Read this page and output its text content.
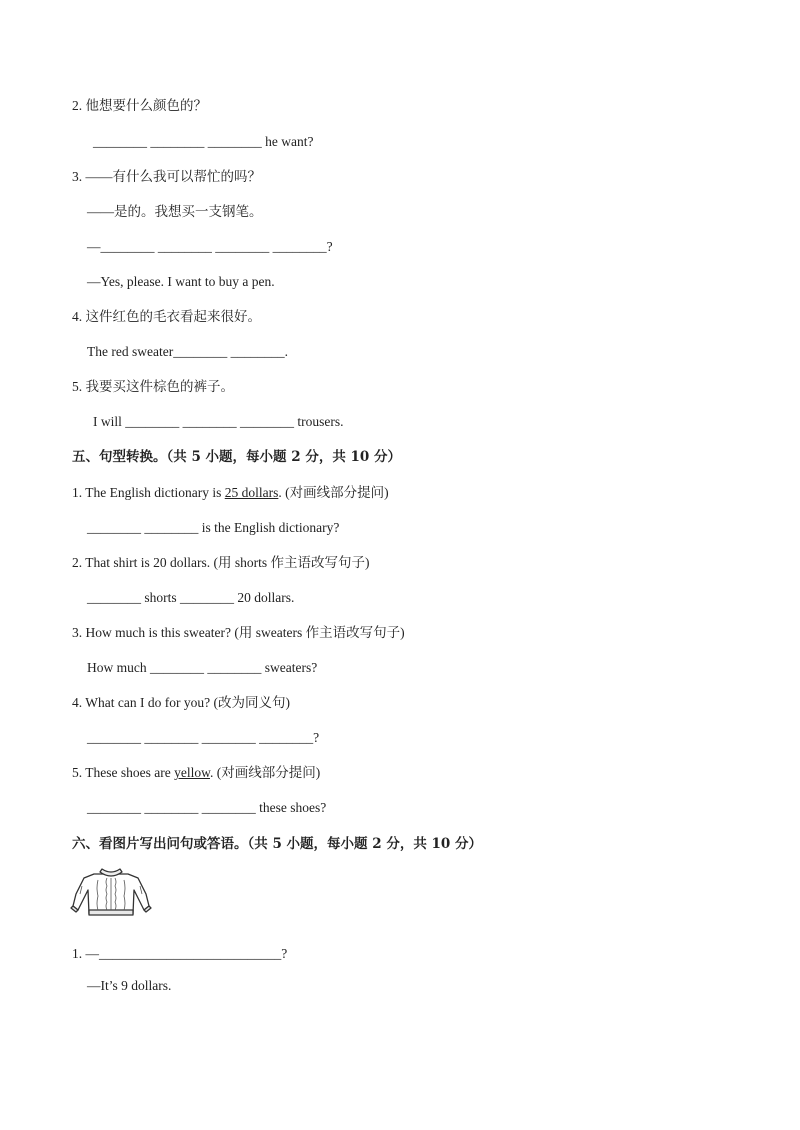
2. 他想要什么颜色的？
________ ________ ________ he want?
3. ——有什么我可以帮忙的吗？
——是的。我想买一支钢笔。
—________ ________ ________ ________?
—Yes, please. I want to buy a pen.
4. 这件红色的毛衣看起来很好。
The red sweater________ ________.
5. 我要买这件棕色的裤子。
I will ________ ________ ________ trousers.
五、句型转换。（共 5 小题，每小题 2 分，共 10 分）
1. The English dictionary is 25 dollars. (对画线部分提问)
________ ________ is the English dictionary?
2. That shirt is 20 dollars. (用 shorts 作主语改写句子)
________ shorts ________ 20 dollars.
3. How much is this sweater? (用 sweaters 作主语改写句子)
How much ________ ________ sweaters?
4. What can I do for you? (改为同义句)
________ ________ ________ ________?
5. These shoes are yellow. (对画线部分提问)
________ ________ ________ these shoes?
六、看图片写出问句或答语。（共 5 小题，每小题 2 分，共 10 分）
1. —___________________________?
—It’s 9 dollars.
